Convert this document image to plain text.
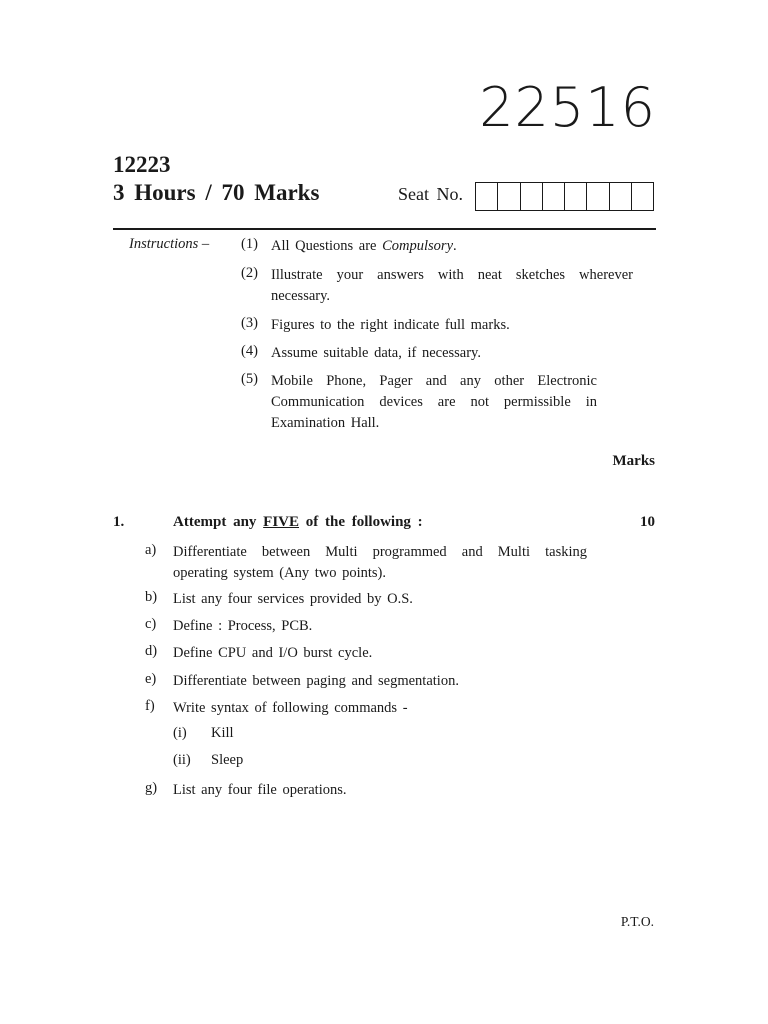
22516
12223
3 Hours / 70 Marks	Seat No.
Instructions – (1) All Questions are Compulsory.
(2) Illustrate your answers with neat sketches wherever necessary.
(3) Figures to the right indicate full marks.
(4) Assume suitable data, if necessary.
(5) Mobile Phone, Pager and any other Electronic Communication devices are not permissible in Examination Hall.
Marks
1.	Attempt any FIVE of the following :	10
a) Differentiate between Multi programmed and Multi tasking operating system (Any two points).
b) List any four services provided by O.S.
c) Define : Process, PCB.
d) Define CPU and I/O burst cycle.
e) Differentiate between paging and segmentation.
f) Write syntax of following commands -
(i) Kill
(ii) Sleep
g) List any four file operations.
P.T.O.
